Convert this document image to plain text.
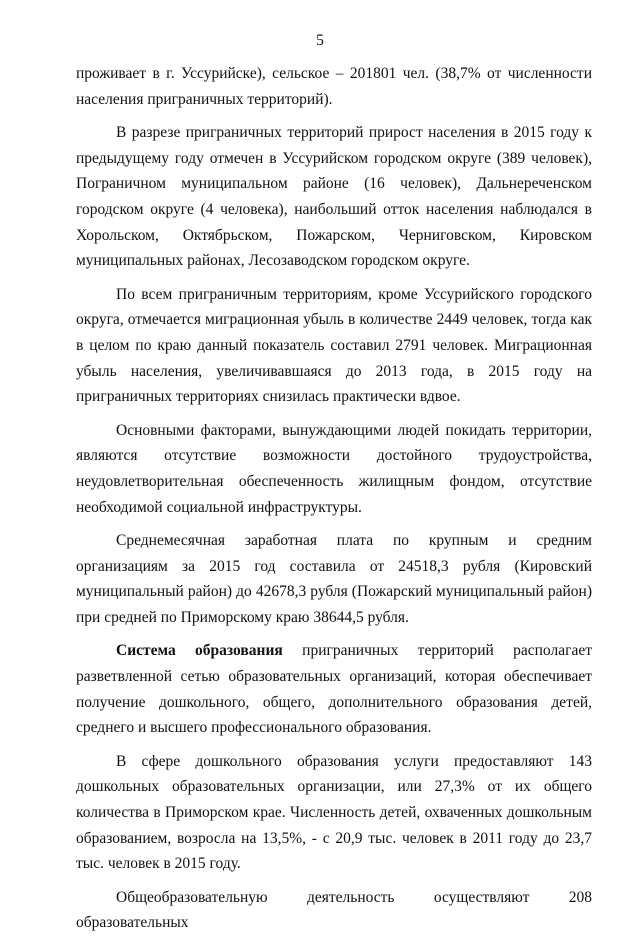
5

проживает в г. Уссурийске), сельское – 201801 чел. (38,7% от численности населения приграничных территорий).

В разрезе приграничных территорий прирост населения в 2015 году к предыдущему году отмечен в Уссурийском городском округе (389 человек), Пограничном муниципальном районе (16 человек), Дальнереченском городском округе (4 человека), наибольший отток населения наблюдался в Хорольском, Октябрьском, Пожарском, Черниговском, Кировском муниципальных районах, Лесозаводском городском округе.

По всем приграничным территориям, кроме Уссурийского городского округа, отмечается миграционная убыль в количестве 2449 человек, тогда как в целом по краю данный показатель составил 2791 человек. Миграционная убыль населения, увеличивавшаяся до 2013 года, в 2015 году на приграничных территориях снизилась практически вдвое.

Основными факторами, вынуждающими людей покидать территории, являются отсутствие возможности достойного трудоустройства, неудовлетворительная обеспеченность жилищным фондом, отсутствие необходимой социальной инфраструктуры.

Среднемесячная заработная плата по крупным и средним организациям за 2015 год составила от 24518,3 рубля (Кировский муниципальный район) до 42678,3 рубля (Пожарский муниципальный район) при средней по Приморскому краю 38644,5 рубля.

Система образования приграничных территорий располагает разветвленной сетью образовательных организаций, которая обеспечивает получение дошкольного, общего, дополнительного образования детей, среднего и высшего профессионального образования.

В сфере дошкольного образования услуги предоставляют 143 дошкольных образовательных организации, или 27,3% от их общего количества в Приморском крае. Численность детей, охваченных дошкольным образованием, возросла на 13,5%, - с 20,9 тыс. человек в 2011 году до 23,7 тыс. человек в 2015 году.

Общеобразовательную деятельность осуществляют 208 образовательных
